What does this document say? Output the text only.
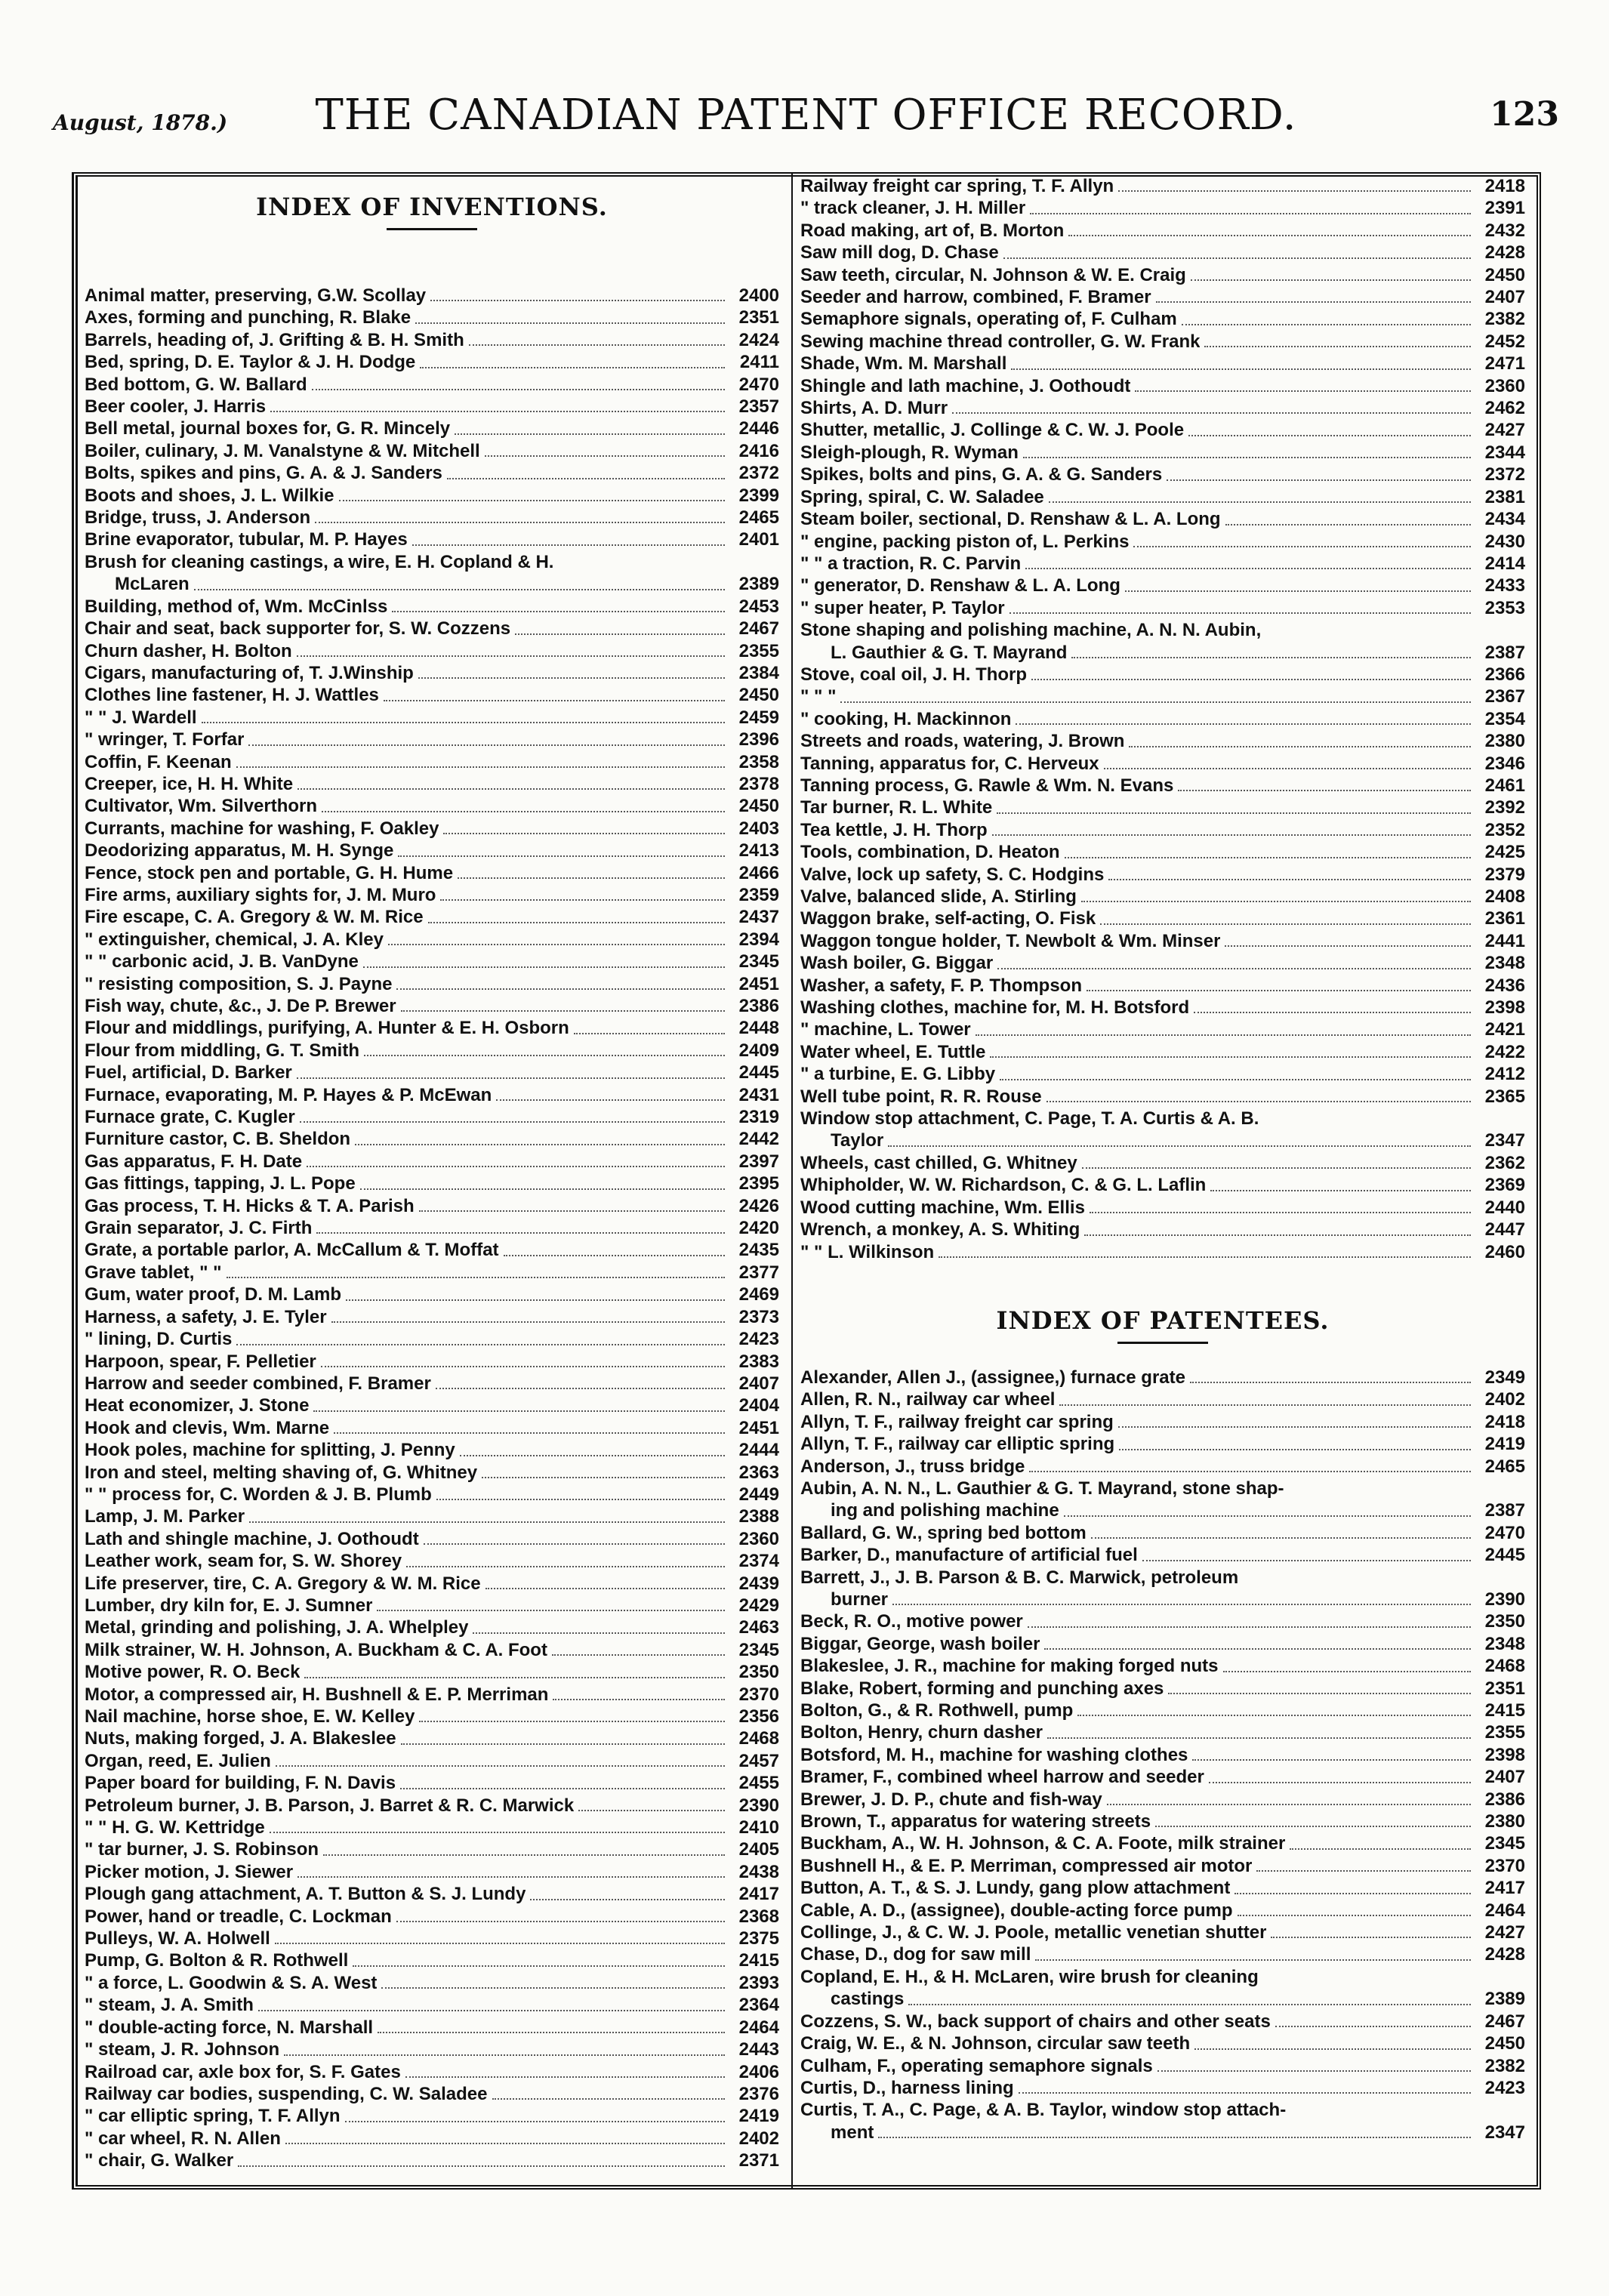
August, 1878.)	THE CANADIAN PATENT OFFICE RECORD.	123
INDEX OF INVENTIONS.
Animal matter, preserving, G.W. Scollay	2400
Axes, forming and punching, R. Blake	2351
Barrels, heading of, J. Grifting & B. H. Smith	2424
Bed, spring, D. E. Taylor & J. H. Dodge	2411
Bed bottom, G. W. Ballard	2470
Beer cooler, J. Harris	2357
Bell metal, journal boxes for, G. R. Mincely	2446
Boiler, culinary, J. M. Vanalstyne & W. Mitchell	2416
Bolts, spikes and pins, G. A. & J. Sanders	2372
Boots and shoes, J. L. Wilkie	2399
Bridge, truss, J. Anderson	2465
Brine evaporator, tubular, M. P. Hayes	2401
Brush for cleaning castings, a wire, E. H. Copland & H.
McLaren	2389
Building, method of, Wm. McCinlss	2453
Chair and seat, back supporter for, S. W. Cozzens	2467
Churn dasher, H. Bolton	2355
Cigars, manufacturing of, T. J.Winship	2384
Clothes line fastener, H. J. Wattles	2450
" " J. Wardell	2459
" wringer, T. Forfar	2396
Coffin, F. Keenan	2358
Creeper, ice, H. H. White	2378
Cultivator, Wm. Silverthorn	2450
Currants, machine for washing, F. Oakley	2403
Deodorizing apparatus, M. H. Synge	2413
Fence, stock pen and portable, G. H. Hume	2466
Fire arms, auxiliary sights for, J. M. Muro	2359
Fire escape, C. A. Gregory & W. M. Rice	2437
" extinguisher, chemical, J. A. Kley	2394
" " carbonic acid, J. B. VanDyne	2345
" resisting composition, S. J. Payne	2451
Fish way, chute, &c., J. De P. Brewer	2386
Flour and middlings, purifying, A. Hunter & E. H. Osborn	2448
Flour from middling, G. T. Smith	2409
Fuel, artificial, D. Barker	2445
Furnace, evaporating, M. P. Hayes & P. McEwan	2431
Furnace grate, C. Kugler	2319
Furniture castor, C. B. Sheldon	2442
Gas apparatus, F. H. Date	2397
Gas fittings, tapping, J. L. Pope	2395
Gas process, T. H. Hicks & T. A. Parish	2426
Grain separator, J. C. Firth	2420
Grate, a portable parlor, A. McCallum & T. Moffat	2435
Grave tablet, " "	2377
Gum, water proof, D. M. Lamb	2469
Harness, a safety, J. E. Tyler	2373
" lining, D. Curtis	2423
Harpoon, spear, F. Pelletier	2383
Harrow and seeder combined, F. Bramer	2407
Heat economizer, J. Stone	2404
Hook and clevis, Wm. Marne	2451
Hook poles, machine for splitting, J. Penny	2444
Iron and steel, melting shaving of, G. Whitney	2363
" " process for, C. Worden & J. B. Plumb	2449
Lamp, J. M. Parker	2388
Lath and shingle machine, J. Oothoudt	2360
Leather work, seam for, S. W. Shorey	2374
Life preserver, tire, C. A. Gregory & W. M. Rice	2439
Lumber, dry kiln for, E. J. Sumner	2429
Metal, grinding and polishing, J. A. Whelpley	2463
Milk strainer, W. H. Johnson, A. Buckham & C. A. Foot	2345
Motive power, R. O. Beck	2350
Motor, a compressed air, H. Bushnell & E. P. Merriman	2370
Nail machine, horse shoe, E. W. Kelley	2356
Nuts, making forged, J. A. Blakeslee	2468
Organ, reed, E. Julien	2457
Paper board for building, F. N. Davis	2455
Petroleum burner, J. B. Parson, J. Barret & R. C. Marwick	2390
" " H. G. W. Kettridge	2410
" tar burner, J. S. Robinson	2405
Picker motion, J. Siewer	2438
Plough gang attachment, A. T. Button & S. J. Lundy	2417
Power, hand or treadle, C. Lockman	2368
Pulleys, W. A. Holwell	2375
Pump, G. Bolton & R. Rothwell	2415
" a force, L. Goodwin & S. A. West	2393
" steam, J. A. Smith	2364
" double-acting force, N. Marshall	2464
" steam, J. R. Johnson	2443
Railroad car, axle box for, S. F. Gates	2406
Railway car bodies, suspending, C. W. Saladee	2376
" car elliptic spring, T. F. Allyn	2419
" car wheel, R. N. Allen	2402
" chair, G. Walker	2371
Railway freight car spring, T. F. Allyn	2418
" track cleaner, J. H. Miller	2391
Road making, art of, B. Morton	2432
Saw mill dog, D. Chase	2428
Saw teeth, circular, N. Johnson & W. E. Craig	2450
Seeder and harrow, combined, F. Bramer	2407
Semaphore signals, operating of, F. Culham	2382
Sewing machine thread controller, G. W. Frank	2452
Shade, Wm. M. Marshall	2471
Shingle and lath machine, J. Oothoudt	2360
Shirts, A. D. Murr	2462
Shutter, metallic, J. Collinge & C. W. J. Poole	2427
Sleigh-plough, R. Wyman	2344
Spikes, bolts and pins, G. A. & G. Sanders	2372
Spring, spiral, C. W. Saladee	2381
Steam boiler, sectional, D. Renshaw & L. A. Long	2434
" engine, packing piston of, L. Perkins	2430
" " a traction, R. C. Parvin	2414
" generator, D. Renshaw & L. A. Long	2433
" super heater, P. Taylor	2353
Stone shaping and polishing machine, A. N. N. Aubin,
L. Gauthier & G. T. Mayrand	2387
Stove, coal oil, J. H. Thorp	2366
" " "	2367
" cooking, H. Mackinnon	2354
Streets and roads, watering, J. Brown	2380
Tanning, apparatus for, C. Herveux	2346
Tanning process, G. Rawle & Wm. N. Evans	2461
Tar burner, R. L. White	2392
Tea kettle, J. H. Thorp	2352
Tools, combination, D. Heaton	2425
Valve, lock up safety, S. C. Hodgins	2379
Valve, balanced slide, A. Stirling	2408
Waggon brake, self-acting, O. Fisk	2361
Waggon tongue holder, T. Newbolt & Wm. Minser	2441
Wash boiler, G. Biggar	2348
Washer, a safety, F. P. Thompson	2436
Washing clothes, machine for, M. H. Botsford	2398
" machine, L. Tower	2421
Water wheel, E. Tuttle	2422
" a turbine, E. G. Libby	2412
Well tube point, R. R. Rouse	2365
Window stop attachment, C. Page, T. A. Curtis & A. B.
Taylor	2347
Wheels, cast chilled, G. Whitney	2362
Whipholder, W. W. Richardson, C. & G. L. Laflin	2369
Wood cutting machine, Wm. Ellis	2440
Wrench, a monkey, A. S. Whiting	2447
" " L. Wilkinson	2460
INDEX OF PATENTEES.
Alexander, Allen J., (assignee,) furnace grate	2349
Allen, R. N., railway car wheel	2402
Allyn, T. F., railway freight car spring	2418
Allyn, T. F., railway car elliptic spring	2419
Anderson, J., truss bridge	2465
Aubin, A. N. N., L. Gauthier & G. T. Mayrand, stone shap-
ing and polishing machine	2387
Ballard, G. W., spring bed bottom	2470
Barker, D., manufacture of artificial fuel	2445
Barrett, J., J. B. Parson & B. C. Marwick, petroleum
burner	2390
Beck, R. O., motive power	2350
Biggar, George, wash boiler	2348
Blakeslee, J. R., machine for making forged nuts	2468
Blake, Robert, forming and punching axes	2351
Bolton, G., & R. Rothwell, pump	2415
Bolton, Henry, churn dasher	2355
Botsford, M. H., machine for washing clothes	2398
Bramer, F., combined wheel harrow and seeder	2407
Brewer, J. D. P., chute and fish-way	2386
Brown, T., apparatus for watering streets	2380
Buckham, A., W. H. Johnson, & C. A. Foote, milk strainer	2345
Bushnell H., & E. P. Merriman, compressed air motor	2370
Button, A. T., & S. J. Lundy, gang plow attachment	2417
Cable, A. D., (assignee), double-acting force pump	2464
Collinge, J., & C. W. J. Poole, metallic venetian shutter	2427
Chase, D., dog for saw mill	2428
Copland, E. H., & H. McLaren, wire brush for cleaning
castings	2389
Cozzens, S. W., back support of chairs and other seats	2467
Craig, W. E., & N. Johnson, circular saw teeth	2450
Culham, F., operating semaphore signals	2382
Curtis, D., harness lining	2423
Curtis, T. A., C. Page, & A. B. Taylor, window stop attach-
ment	2347
